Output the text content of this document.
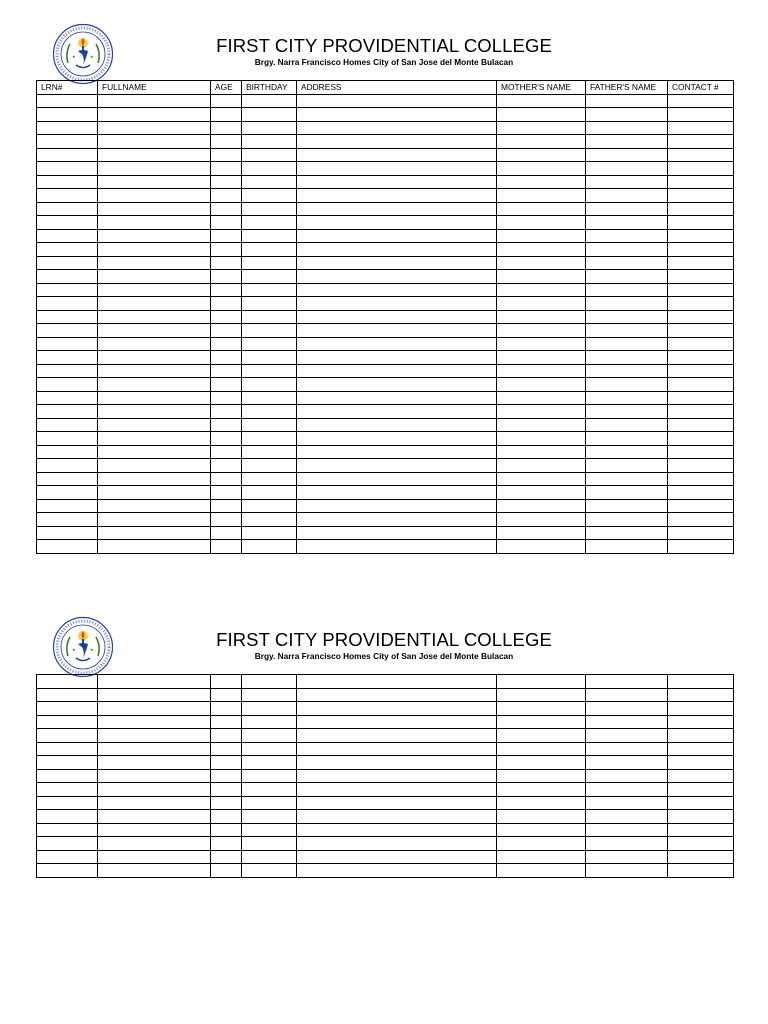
★	★
FIRST CITY PROVIDENTIAL COLLEGE
Brgy. Narra Francisco Homes City of San Jose del Monte Bulacan
LRN#	FULLNAME	AGE	BIRTHDAY	ADDRESS	MOTHER'S NAME	FATHER'S NAME	CONTACT #

★	★	FIRST CITY PROVIDENTIAL COLLEGE
Brgy. Narra Francisco Homes City of San Jose del Monte Bulacan
